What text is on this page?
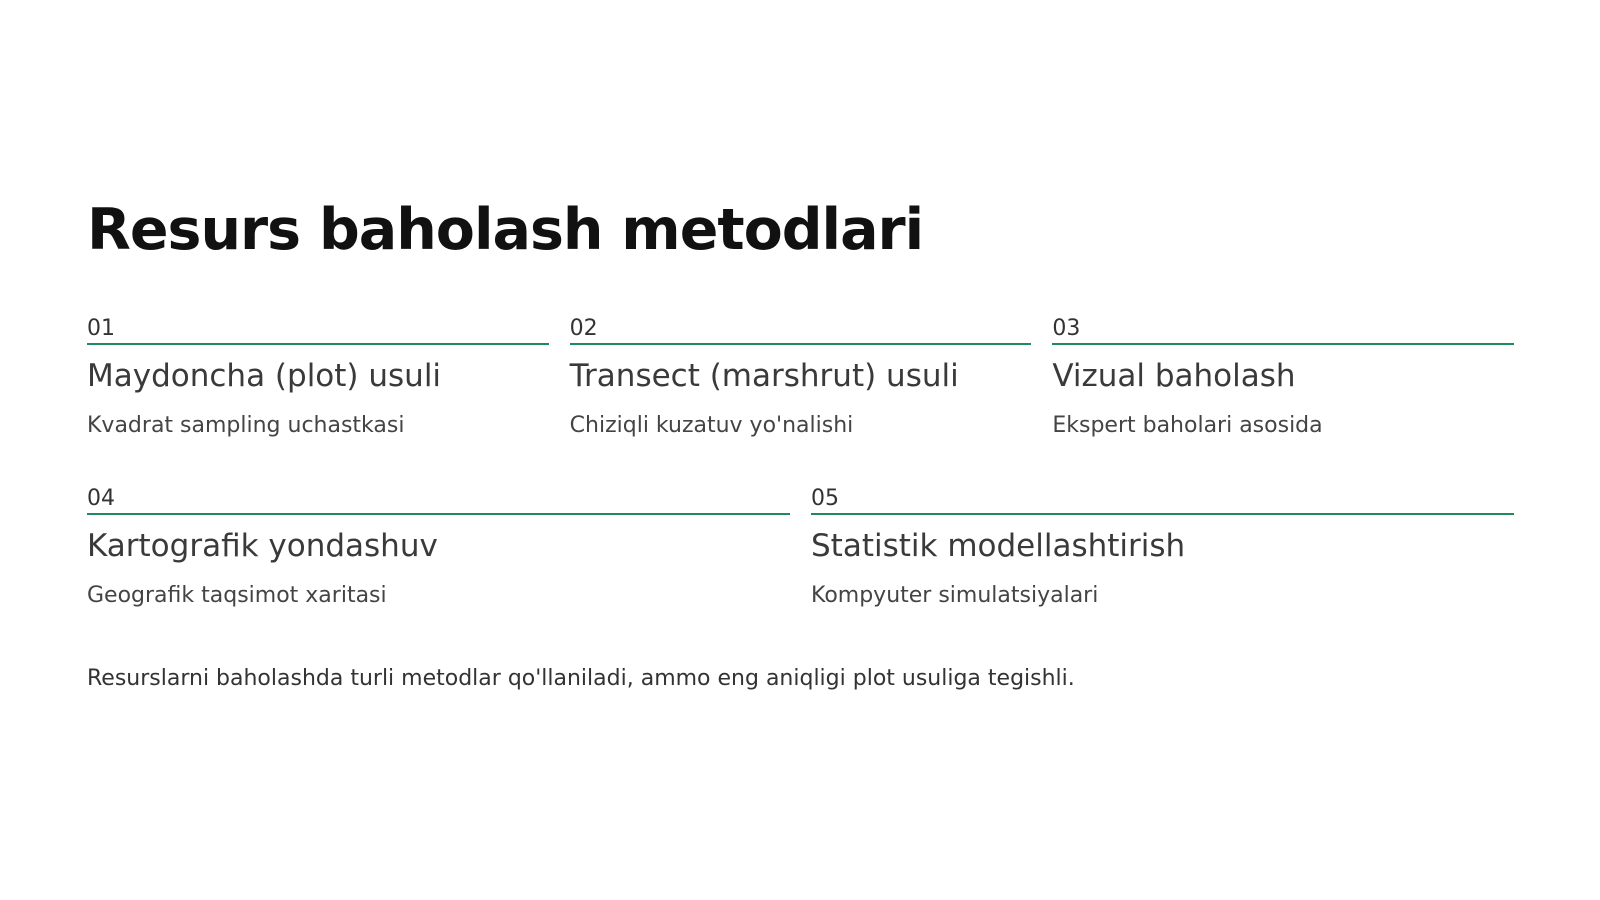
Resurs baholash metodlari
01
Maydoncha (plot) usuli
Kvadrat sampling uchastkasi
02
Transect (marshrut) usuli
Chiziqli kuzatuv yo'nalishi
03
Vizual baholash
Ekspert baholari asosida
04
Kartografik yondashuv
Geografik taqsimot xaritasi
05
Statistik modellashtirish
Kompyuter simulatsiyalari
Resurslarni baholashda turli metodlar qo'llaniladi, ammo eng aniqligi plot usuliga tegishli.
